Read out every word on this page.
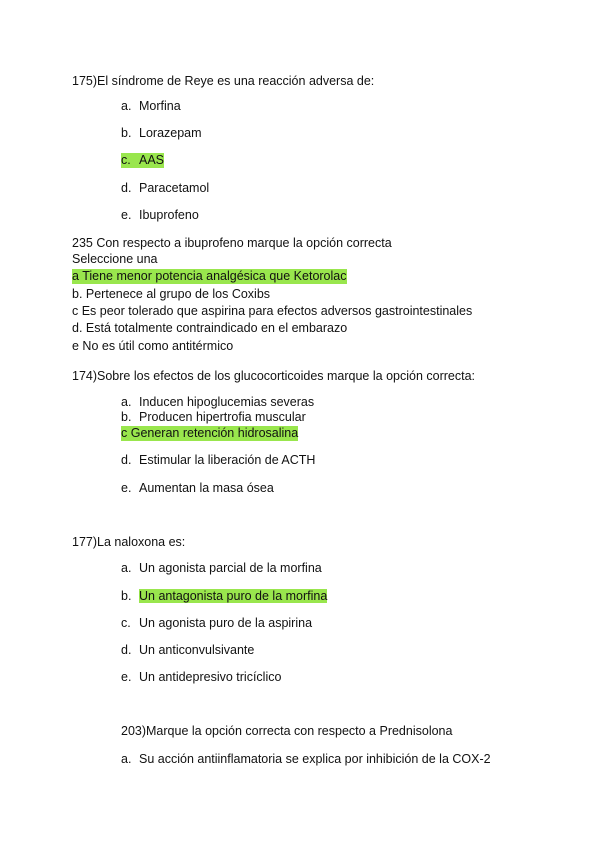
175)El síndrome de Reye es una reacción adversa de:
a. Morfina
b. Lorazepam
c. AAS
d. Paracetamol
e. Ibuprofeno
235 Con respecto a ibuprofeno marque la opción correcta
Seleccione una
a Tiene menor potencia analgésica que Ketorolac
b. Pertenece al grupo de los Coxibs
c Es peor tolerado que aspirina para efectos adversos gastrointestinales
d. Está totalmente contraindicado en el embarazo
e No es útil como antitérmico
174)Sobre los efectos de los glucocorticoides marque la opción correcta:
a. Inducen hipoglucemias severas
b. Producen hipertrofia muscular
c Generan retención hidrosalina
d. Estimular la liberación de ACTH
e. Aumentan la masa ósea
177)La naloxona es:
a. Un agonista parcial de la morfina
b. Un antagonista puro de la morfina
c. Un agonista puro de la aspirina
d. Un anticonvulsivante
e. Un antidepresivo tricíclico
203)Marque la opción correcta con respecto a Prednisolona
a. Su acción antiinflamatoria se explica por inhibición de la COX-2
